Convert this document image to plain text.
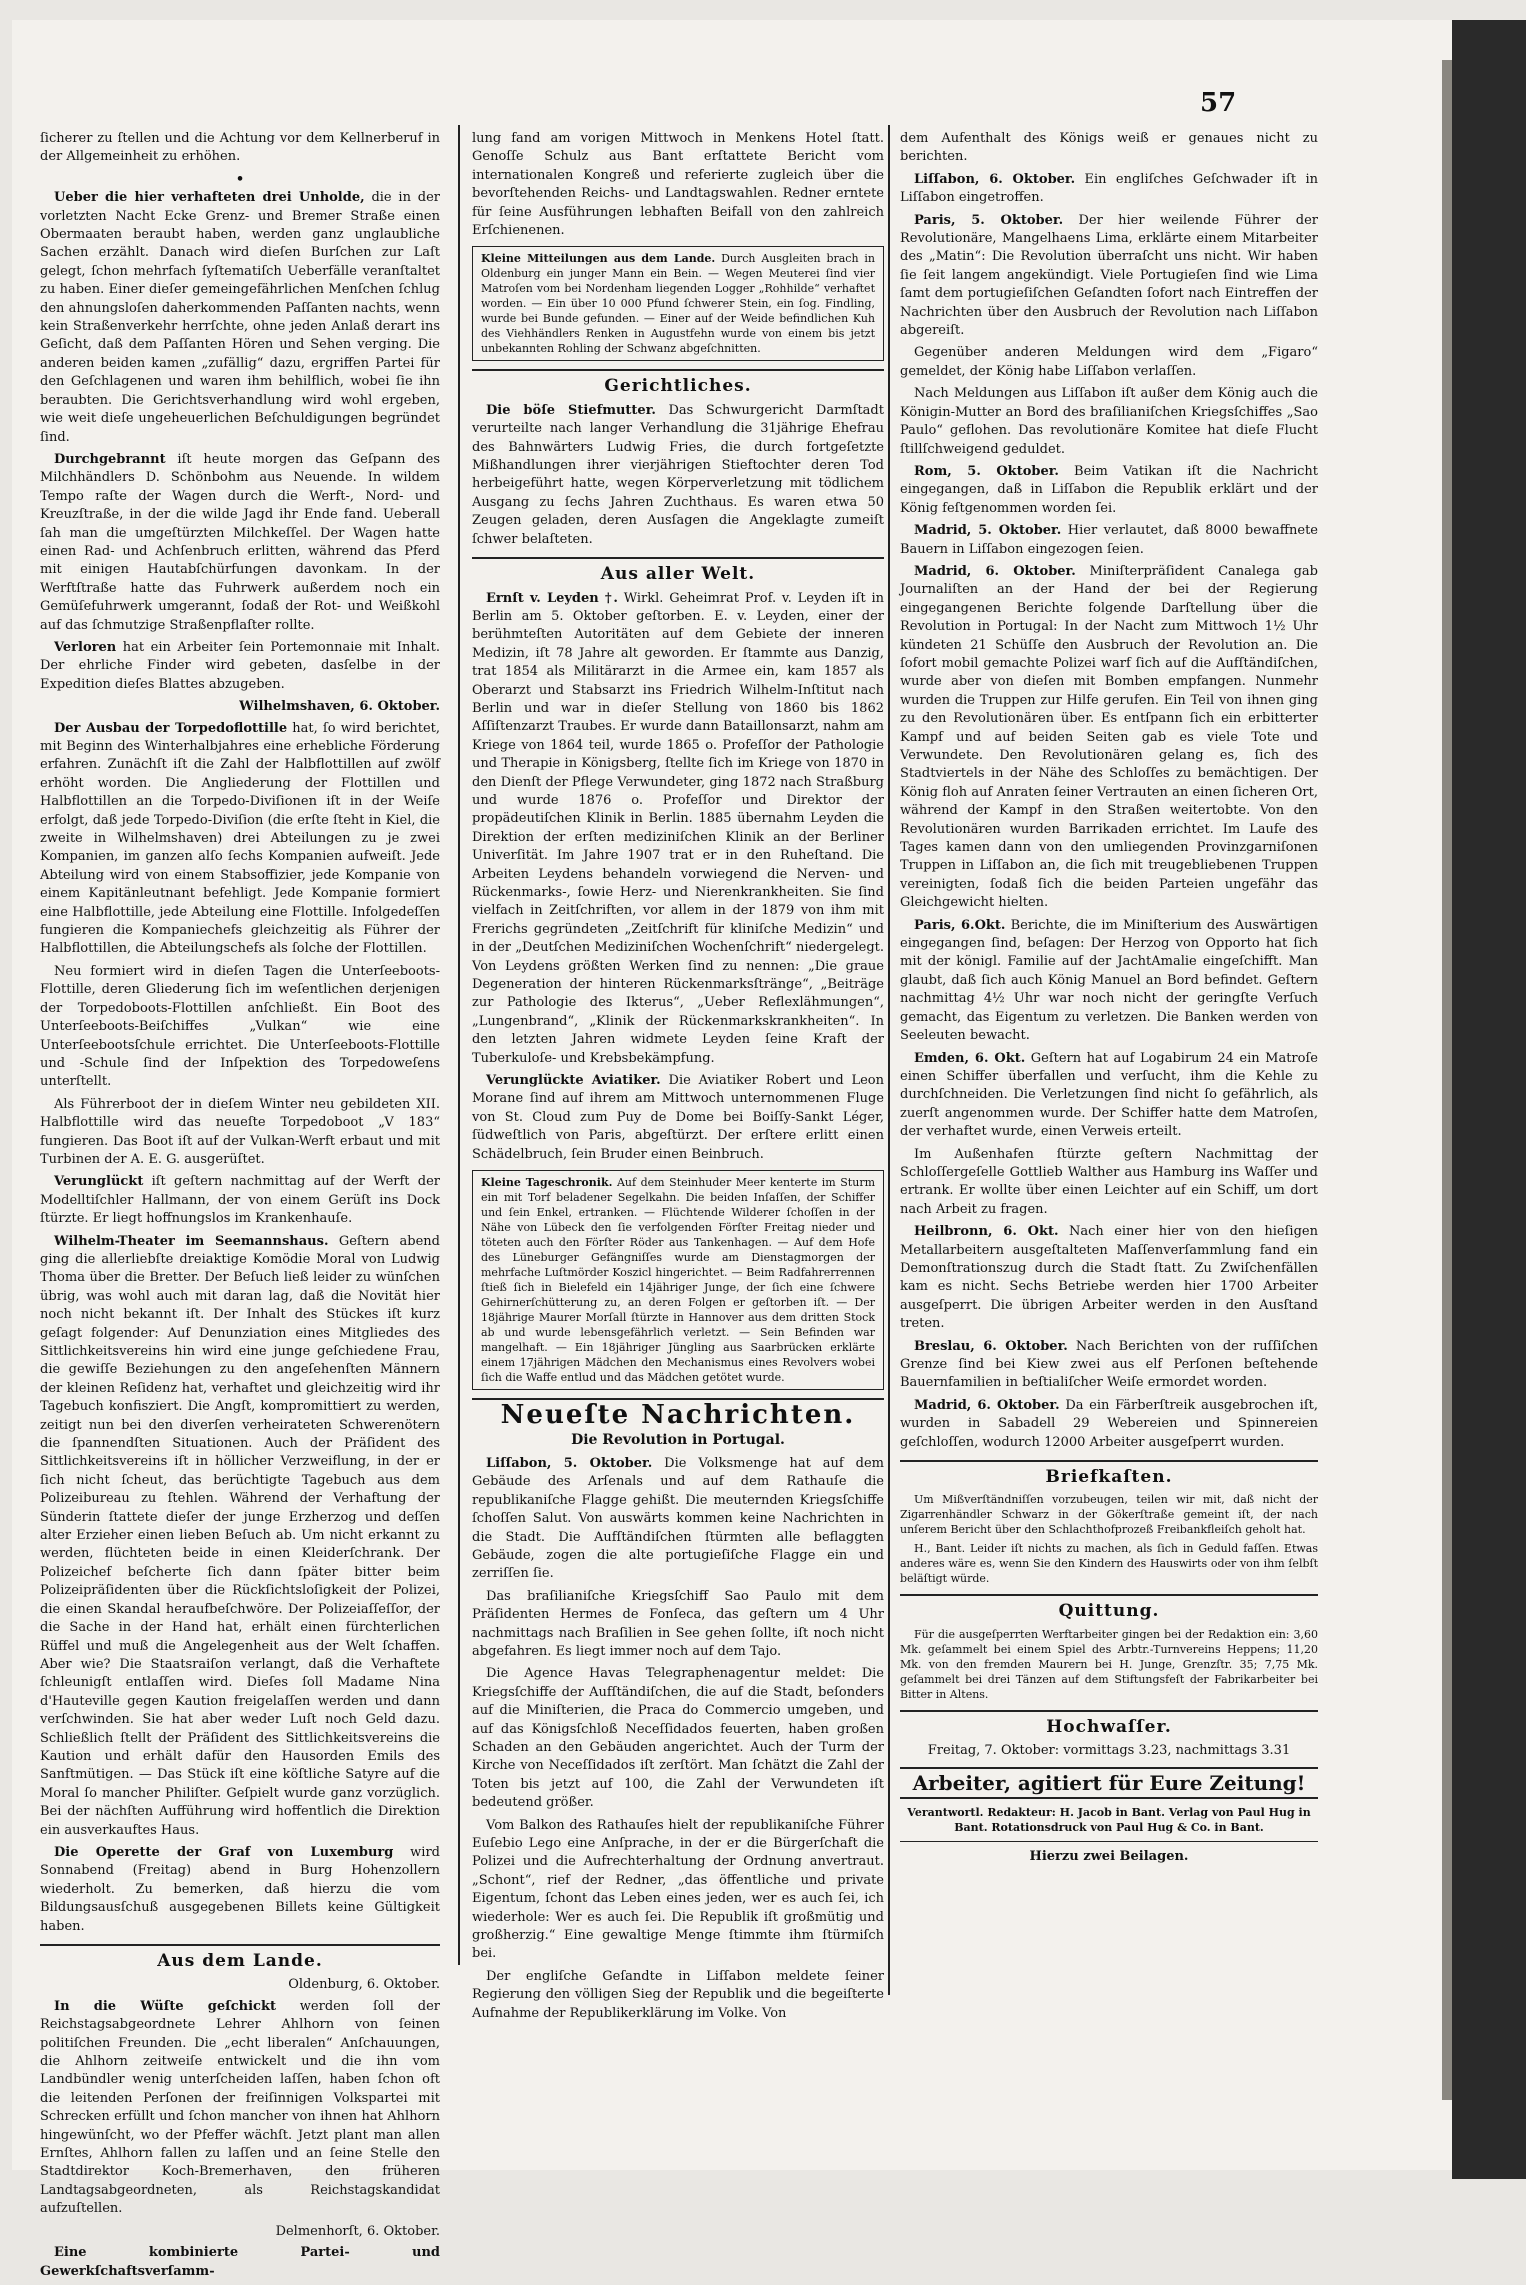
57

ſicherer zu ſtellen und die Achtung vor dem Kellnerberuf in der Allgemeinheit zu erhöhen.

•

Ueber die hier verhafteten drei Unholde, die in der vorletzten Nacht Ecke Grenz- und Bremer Straße einen Obermaaten beraubt haben, werden ganz unglaubliche Sachen erzählt. Danach wird dieſen Burſchen zur Laſt gelegt, ſchon mehrfach ſyſtematiſch Ueberfälle veranſtaltet zu haben. Einer dieſer gemeingefährlichen Menſchen ſchlug den ahnungsloſen daherkommenden Paſſanten nachts, wenn kein Straßenverkehr herrſchte, ohne jeden Anlaß derart ins Geſicht, daß dem Paſſanten Hören und Sehen verging. Die anderen beiden kamen „zufällig“ dazu, ergriffen Partei für den Geſchlagenen und waren ihm behilflich, wobei ſie ihn beraubten. Die Gerichtsverhandlung wird wohl ergeben, wie weit dieſe ungeheuerlichen Beſchuldigungen begründet ſind.

Durchgebrannt iſt heute morgen das Geſpann des Milchhändlers D. Schönbohm aus Neuende. In wildem Tempo raſte der Wagen durch die Werft-, Nord- und Kreuzſtraße, in der die wilde Jagd ihr Ende fand. Ueberall ſah man die umgeſtürzten Milchkeſſel. Der Wagen hatte einen Rad- und Achſenbruch erlitten, während das Pferd mit einigen Hautabſchürfungen davonkam. In der Werftſtraße hatte das Fuhrwerk außerdem noch ein Gemüſefuhrwerk umgerannt, ſodaß der Rot- und Weißkohl auf das ſchmutzige Straßenpflaſter rollte.

Verloren hat ein Arbeiter ſein Portemonnaie mit Inhalt. Der ehrliche Finder wird gebeten, dasſelbe in der Expedition dieſes Blattes abzugeben.

Wilhelmshaven, 6. Oktober.

Der Ausbau der Torpedoflottille hat, ſo wird berichtet, mit Beginn des Winterhalbjahres eine erhebliche Förderung erfahren. Zunächſt iſt die Zahl der Halbflottillen auf zwölf erhöht worden. Die Angliederung der Flottillen und Halbflottillen an die Torpedo-Diviſionen iſt in der Weiſe erfolgt, daß jede Torpedo-Diviſion (die erſte ſteht in Kiel, die zweite in Wilhelmshaven) drei Abteilungen zu je zwei Kompanien, im ganzen alſo ſechs Kompanien aufweiſt. Jede Abteilung wird von einem Stabsoffizier, jede Kompanie von einem Kapitänleutnant befehligt. Jede Kompanie formiert eine Halbflottille, jede Abteilung eine Flottille. Infolgedeſſen fungieren die Kompaniechefs gleichzeitig als Führer der Halbflottillen, die Abteilungschefs als ſolche der Flottillen.

Neu formiert wird in dieſen Tagen die Unterſeeboots-Flottille, deren Gliederung ſich im weſentlichen derjenigen der Torpedoboots-Flottillen anſchließt. Ein Boot des Unterſeeboots-Beiſchiffes „Vulkan“ wie eine Unterſeebootsſchule errichtet. Die Unterſeeboots-Flottille und -Schule ſind der Inſpektion des Torpedoweſens unterſtellt.

Als Führerboot der in dieſem Winter neu gebildeten XII. Halbflottille wird das neueſte Torpedoboot „V 183“ fungieren. Das Boot iſt auf der Vulkan-Werft erbaut und mit Turbinen der A. E. G. ausgerüſtet.

Verunglückt iſt geſtern nachmittag auf der Werft der Modelltiſchler Hallmann, der von einem Gerüſt ins Dock ſtürzte. Er liegt hoffnungslos im Krankenhauſe.

Wilhelm-Theater im Seemannshaus. Geſtern abend ging die allerliebſte dreiaktige Komödie Moral von Ludwig Thoma über die Bretter. Der Beſuch ließ leider zu wünſchen übrig, was wohl auch mit daran lag, daß die Novität hier noch nicht bekannt iſt. Der Inhalt des Stückes iſt kurz geſagt folgender: Auf Denunziation eines Mitgliedes des Sittlichkeitsvereins hin wird eine junge geſchiedene Frau, die gewiſſe Beziehungen zu den angeſehenſten Männern der kleinen Reſidenz hat, verhaftet und gleichzeitig wird ihr Tagebuch konfisziert. Die Angſt, kompromittiert zu werden, zeitigt nun bei den diverſen verheirateten Schwerenötern die ſpannendſten Situationen. Auch der Präſident des Sittlichkeitsvereins iſt in höllicher Verzweiflung, in der er ſich nicht ſcheut, das berüchtigte Tagebuch aus dem Polizeibureau zu ſtehlen. Während der Verhaftung der Sünderin ſtattete dieſer der junge Erzherzog und deſſen alter Erzieher einen lieben Beſuch ab. Um nicht erkannt zu werden, flüchteten beide in einen Kleiderſchrank. Der Polizeichef beſcherte ſich dann ſpäter bitter beim Polizeipräſidenten über die Rückſichtsloſigkeit der Polizei, die einen Skandal heraufbeſchwöre. Der Polizeiaſſeſſor, der die Sache in der Hand hat, erhält einen fürchterlichen Rüffel und muß die Angelegenheit aus der Welt ſchaffen. Aber wie? Die Staatsraiſon verlangt, daß die Verhaftete ſchleunigſt entlaſſen wird. Dieſes ſoll Madame Nina d'Hauteville gegen Kaution freigelaſſen werden und dann verſchwinden. Sie hat aber weder Luſt noch Geld dazu. Schließlich ſtellt der Präſident des Sittlichkeitsvereins die Kaution und erhält dafür den Hausorden Emils des Sanftmütigen. — Das Stück iſt eine köſtliche Satyre auf die Moral ſo mancher Philiſter. Geſpielt wurde ganz vorzüglich. Bei der nächſten Aufführung wird hoffentlich die Direktion ein ausverkauftes Haus.

Die Operette der Graf von Luxemburg wird Sonnabend (Freitag) abend in Burg Hohenzollern wiederholt. Zu bemerken, daß hierzu die vom Bildungsausſchuß ausgegebenen Billets keine Gültigkeit haben.

Aus dem Lande.
Oldenburg, 6. Oktober.

In die Wüſte geſchickt werden ſoll der Reichstagsabgeordnete Lehrer Ahlhorn von ſeinen politiſchen Freunden. Die „echt liberalen“ Anſchauungen, die Ahlhorn zeitweiſe entwickelt und die ihn vom Landbündler wenig unterſcheiden laſſen, haben ſchon oft die leitenden Perſonen der freiſinnigen Volkspartei mit Schrecken erfüllt und ſchon mancher von ihnen hat Ahlhorn hingewünſcht, wo der Pfeffer wächſt. Jetzt plant man allen Ernſtes, Ahlhorn fallen zu laſſen und an ſeine Stelle den Stadtdirektor Koch-Bremerhaven, den früheren Landtagsabgeordneten, als Reichstagskandidat aufzuſtellen.

Delmenhorſt, 6. Oktober.

Eine kombinierte Partei- und Gewerkſchaftsverſamm-

lung fand am vorigen Mittwoch in Menkens Hotel ſtatt. Genoſſe Schulz aus Bant erſtattete Bericht vom internationalen Kongreß und referierte zugleich über die bevorſtehenden Reichs- und Landtagswahlen. Redner erntete für ſeine Ausführungen lebhaften Beifall von den zahlreich Erſchienenen.

Kleine Mitteilungen aus dem Lande. Durch Ausgleiten brach in Oldenburg ein junger Mann ein Bein. — Wegen Meuterei ſind vier Matroſen vom bei Nordenham liegenden Logger „Rohhilde“ verhaftet worden. — Ein über 10 000 Pfund ſchwerer Stein, ein ſog. Findling, wurde bei Bunde gefunden. — Einer auf der Weide befindlichen Kuh des Viehhändlers Renken in Augustfehn wurde von einem bis jetzt unbekannten Rohling der Schwanz abgeſchnitten.
Gerichtliches.

Die böſe Stiefmutter. Das Schwurgericht Darmſtadt verurteilte nach langer Verhandlung die 31jährige Ehefrau des Bahnwärters Ludwig Fries, die durch fortgeſetzte Mißhandlungen ihrer vierjährigen Stieftochter deren Tod herbeigeführt hatte, wegen Körperverletzung mit tödlichem Ausgang zu ſechs Jahren Zuchthaus. Es waren etwa 50 Zeugen geladen, deren Ausſagen die Angeklagte zumeiſt ſchwer belaſteten.

Aus aller Welt.

Ernſt v. Leyden †. Wirkl. Geheimrat Prof. v. Leyden iſt in Berlin am 5. Oktober geſtorben. E. v. Leyden, einer der berühmteſten Autoritäten auf dem Gebiete der inneren Medizin, iſt 78 Jahre alt geworden. Er ſtammte aus Danzig, trat 1854 als Militärarzt in die Armee ein, kam 1857 als Oberarzt und Stabsarzt ins Friedrich Wilhelm-Inſtitut nach Berlin und war in dieſer Stellung von 1860 bis 1862 Aſſiſtenzarzt Traubes. Er wurde dann Bataillonsarzt, nahm am Kriege von 1864 teil, wurde 1865 o. Profeſſor der Pathologie und Therapie in Königsberg, ſtellte ſich im Kriege von 1870 in den Dienſt der Pflege Verwundeter, ging 1872 nach Straßburg und wurde 1876 o. Profeſſor und Direktor der propädeutiſchen Klinik in Berlin. 1885 übernahm Leyden die Direktion der erſten mediziniſchen Klinik an der Berliner Univerſität. Im Jahre 1907 trat er in den Ruheſtand. Die Arbeiten Leydens behandeln vorwiegend die Nerven- und Rückenmarks-, ſowie Herz- und Nierenkrankheiten. Sie ſind vielfach in Zeitſchriften, vor allem in der 1879 von ihm mit Frerichs gegründeten „Zeitſchrift für kliniſche Medizin“ und in der „Deutſchen Mediziniſchen Wochenſchrift“ niedergelegt. Von Leydens größten Werken ſind zu nennen: „Die graue Degeneration der hinteren Rückenmarksſtränge“, „Beiträge zur Pathologie des Ikterus“, „Ueber Reflexlähmungen“, „Lungenbrand“, „Klinik der Rückenmarkskrankheiten“. In den letzten Jahren widmete Leyden ſeine Kraft der Tuberkuloſe- und Krebsbekämpfung.

Verunglückte Aviatiker. Die Aviatiker Robert und Leon Morane ſind auf ihrem am Mittwoch unternommenen Fluge von St. Cloud zum Puy de Dome bei Boiſſy-Sankt Léger, ſüdweſtlich von Paris, abgeſtürzt. Der erſtere erlitt einen Schädelbruch, ſein Bruder einen Beinbruch.

Kleine Tageschronik. Auf dem Steinhuder Meer kenterte im Sturm ein mit Torf beladener Segelkahn. Die beiden Inſaſſen, der Schiffer und ſein Enkel, ertranken. — Flüchtende Wilderer ſchoſſen in der Nähe von Lübeck den ſie verfolgenden Förſter Freitag nieder und töteten auch den Förſter Röder aus Tankenhagen. — Auf dem Hofe des Lüneburger Gefängniſſes wurde am Dienstagmorgen der mehrfache Luſtmörder Koszicl hingerichtet. — Beim Radfahrerrennen ſtieß ſich in Bielefeld ein 14jähriger Junge, der ſich eine ſchwere Gehirnerſchütterung zu, an deren Folgen er geſtorben iſt. — Der 18jährige Maurer Morſall ſtürzte in Hannover aus dem dritten Stock ab und wurde lebensgefährlich verletzt. — Sein Befinden war mangelhaft. — Ein 18jähriger Jüngling aus Saarbrücken erklärte einem 17jährigen Mädchen den Mechanismus eines Revolvers wobei ſich die Waffe entlud und das Mädchen getötet wurde.
Neueſte Nachrichten.
Die Revolution in Portugal.

Liſſabon, 5. Oktober. Die Volksmenge hat auf dem Gebäude des Arſenals und auf dem Rathauſe die republikaniſche Flagge gehißt. Die meuternden Kriegsſchiffe ſchoſſen Salut. Von auswärts kommen keine Nachrichten in die Stadt. Die Aufſtändiſchen ſtürmten alle beflaggten Gebäude, zogen die alte portugieſiſche Flagge ein und zerriſſen ſie.

Das braſilianiſche Kriegsſchiff Sao Paulo mit dem Präſidenten Hermes de Fonſeca, das geſtern um 4 Uhr nachmittags nach Braſilien in See gehen ſollte, iſt noch nicht abgefahren. Es liegt immer noch auf dem Tajo.

Die Agence Havas Telegraphenagentur meldet: Die Kriegsſchiffe der Aufſtändiſchen, die auf die Stadt, beſonders auf die Miniſterien, die Praca do Commercio umgeben, und auf das Königsſchloß Neceſſidados feuerten, haben großen Schaden an den Gebäuden angerichtet. Auch der Turm der Kirche von Neceſſidados iſt zerſtört. Man ſchätzt die Zahl der Toten bis jetzt auf 100, die Zahl der Verwundeten iſt bedeutend größer.

Vom Balkon des Rathauſes hielt der republikaniſche Führer Euſebio Lego eine Anſprache, in der er die Bürgerſchaft die Polizei und die Aufrechterhaltung der Ordnung anvertraut. „Schont“, rief der Redner, „das öffentliche und private Eigentum, ſchont das Leben eines jeden, wer es auch ſei, ich wiederhole: Wer es auch ſei. Die Republik iſt großmütig und großherzig.“ Eine gewaltige Menge ſtimmte ihm ſtürmiſch bei.

Der engliſche Geſandte in Liſſabon meldete ſeiner Regierung den völligen Sieg der Republik und die begeiſterte Aufnahme der Republikerklärung im Volke. Von

dem Aufenthalt des Königs weiß er genaues nicht zu berichten.

Liſſabon, 6. Oktober. Ein engliſches Geſchwader iſt in Liſſabon eingetroffen.

Paris, 5. Oktober. Der hier weilende Führer der Revolutionäre, Mangelhaens Lima, erklärte einem Mitarbeiter des „Matin“: Die Revolution überraſcht uns nicht. Wir haben ſie ſeit langem angekündigt. Viele Portugieſen ſind wie Lima ſamt dem portugieſiſchen Geſandten ſofort nach Eintreffen der Nachrichten über den Ausbruch der Revolution nach Liſſabon abgereiſt.

Gegenüber anderen Meldungen wird dem „Figaro“ gemeldet, der König habe Liſſabon verlaſſen.

Nach Meldungen aus Liſſabon iſt außer dem König auch die Königin-Mutter an Bord des braſilianiſchen Kriegsſchiffes „Sao Paulo“ geflohen. Das revolutionäre Komitee hat dieſe Flucht ſtillſchweigend geduldet.

Rom, 5. Oktober. Beim Vatikan iſt die Nachricht eingegangen, daß in Liſſabon die Republik erklärt und der König feſtgenommen worden ſei.

Madrid, 5. Oktober. Hier verlautet, daß 8000 bewaffnete Bauern in Liſſabon eingezogen ſeien.

Madrid, 6. Oktober. Miniſterpräſident Canalega gab Journaliſten an der Hand der bei der Regierung eingegangenen Berichte folgende Darſtellung über die Revolution in Portugal: In der Nacht zum Mittwoch 1½ Uhr kündeten 21 Schüſſe den Ausbruch der Revolution an. Die ſofort mobil gemachte Polizei warf ſich auf die Aufſtändiſchen, wurde aber von dieſen mit Bomben empfangen. Nunmehr wurden die Truppen zur Hilfe gerufen. Ein Teil von ihnen ging zu den Revolutionären über. Es entſpann ſich ein erbitterter Kampf und auf beiden Seiten gab es viele Tote und Verwundete. Den Revolutionären gelang es, ſich des Stadtviertels in der Nähe des Schloſſes zu bemächtigen. Der König floh auf Anraten ſeiner Vertrauten an einen ſicheren Ort, während der Kampf in den Straßen weitertobte. Von den Revolutionären wurden Barrikaden errichtet. Im Laufe des Tages kamen dann von den umliegenden Provinzgarniſonen Truppen in Liſſabon an, die ſich mit treugebliebenen Truppen vereinigten, ſodaß ſich die beiden Parteien ungefähr das Gleichgewicht hielten.

Paris, 6.Okt. Berichte, die im Miniſterium des Auswärtigen eingegangen ſind, beſagen: Der Herzog von Opporto hat ſich mit der königl. Familie auf der JachtAmalie eingeſchifft. Man glaubt, daß ſich auch König Manuel an Bord befindet. Geſtern nachmittag 4½ Uhr war noch nicht der geringſte Verſuch gemacht, das Eigentum zu verletzen. Die Banken werden von Seeleuten bewacht.

Emden, 6. Okt. Geſtern hat auf Logabirum 24 ein Matroſe einen Schiffer überfallen und verſucht, ihm die Kehle zu durchſchneiden. Die Verletzungen ſind nicht ſo gefährlich, als zuerſt angenommen wurde. Der Schiffer hatte dem Matroſen, der verhaftet wurde, einen Verweis erteilt.

Im Außenhafen ſtürzte geſtern Nachmittag der Schloſſergeſelle Gottlieb Walther aus Hamburg ins Waſſer und ertrank. Er wollte über einen Leichter auf ein Schiff, um dort nach Arbeit zu fragen.

Heilbronn, 6. Okt. Nach einer hier von den hieſigen Metallarbeitern ausgeſtalteten Maſſenverſammlung fand ein Demonſtrationszug durch die Stadt ſtatt. Zu Zwiſchenfällen kam es nicht. Sechs Betriebe werden hier 1700 Arbeiter ausgeſperrt. Die übrigen Arbeiter werden in den Ausſtand treten.

Breslau, 6. Oktober. Nach Berichten von der ruſſiſchen Grenze ſind bei Kiew zwei aus elf Perſonen beſtehende Bauernfamilien in beſtialiſcher Weiſe ermordet worden.

Madrid, 6. Oktober. Da ein Färberſtreik ausgebrochen iſt, wurden in Sabadell 29 Webereien und Spinnereien geſchloſſen, wodurch 12000 Arbeiter ausgeſperrt wurden.

Briefkaſten.

Um Mißverſtändniſſen vorzubeugen, teilen wir mit, daß nicht der Zigarrenhändler Schwarz in der Gökerſtraße gemeint iſt, der nach unſerem Bericht über den Schlachthofprozeß Freibankfleiſch geholt hat.

H., Bant. Leider iſt nichts zu machen, als ſich in Geduld faſſen. Etwas anderes wäre es, wenn Sie den Kindern des Hauswirts oder von ihm ſelbſt beläſtigt würde.

Quittung.

Für die ausgeſperrten Werftarbeiter gingen bei der Redaktion ein: 3,60 Mk. geſammelt bei einem Spiel des Arbtr.-Turnvereins Heppens; 11,20 Mk. von den fremden Maurern bei H. Junge, Grenzſtr. 35; 7,75 Mk. geſammelt bei drei Tänzen auf dem Stiftungsfeſt der Fabrikarbeiter bei Bitter in Altens.

Hochwaſſer.

Freitag, 7. Oktober: vormittags 3.23, nachmittags 3.31

Arbeiter, agitiert für Eure Zeitung!

Verantwortl. Redakteur: H. Jacob in Bant. Verlag von Paul Hug in Bant. Rotationsdruck von Paul Hug & Co. in Bant.

Hierzu zwei Beilagen.
